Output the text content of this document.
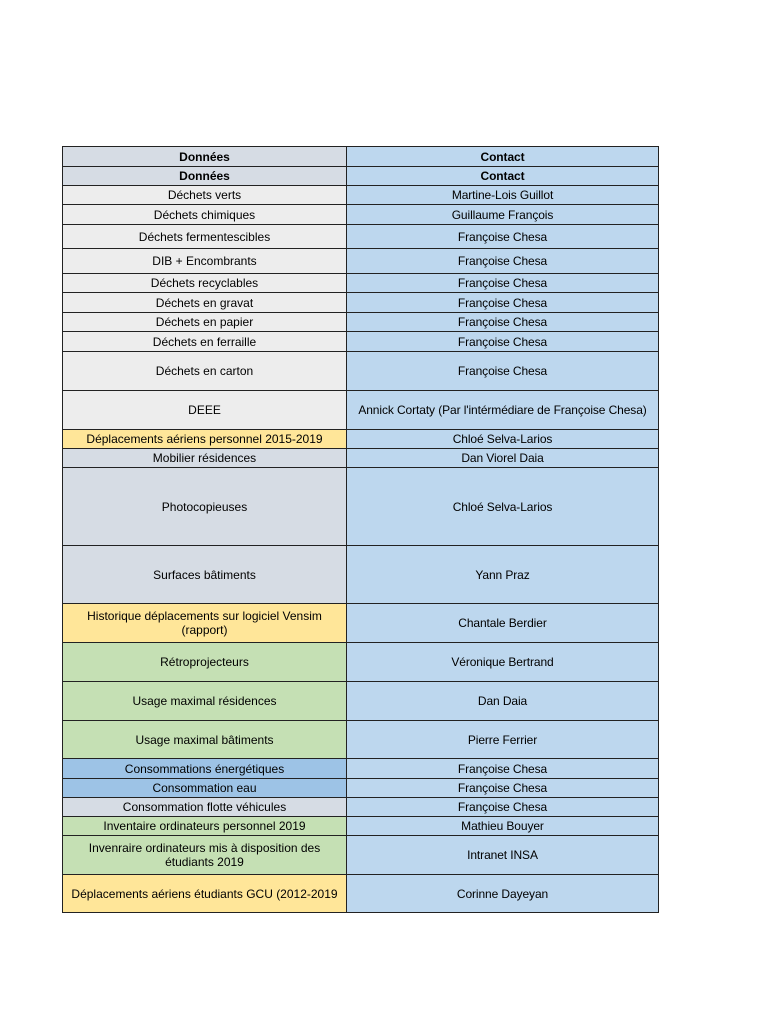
Données	Contact
Données	Contact
Déchets verts	Martine-Lois Guillot
Déchets chimiques	Guillaume François
Déchets fermentescibles	Françoise Chesa
DIB + Encombrants	Françoise Chesa
Déchets recyclables	Françoise Chesa
Déchets en gravat	Françoise Chesa
Déchets en papier	Françoise Chesa
Déchets en ferraille	Françoise Chesa
Déchets en carton	Françoise Chesa
DEEE	Annick Cortaty (Par l'intérmédiare de Françoise Chesa)
Déplacements aériens personnel 2015-2019	Chloé Selva-Larios
Mobilier résidences	Dan Viorel Daia
Photocopieuses	Chloé Selva-Larios
Surfaces bâtiments	Yann Praz
Historique déplacements sur logiciel Vensim (rapport)	Chantale Berdier
Rétroprojecteurs	Véronique Bertrand
Usage maximal résidences	Dan Daia
Usage maximal bâtiments	Pierre Ferrier
Consommations énergétiques	Françoise Chesa
Consommation eau	Françoise Chesa
Consommation flotte véhicules	Françoise Chesa
Inventaire ordinateurs personnel 2019	Mathieu Bouyer
Invenraire ordinateurs mis à disposition des étudiants 2019	Intranet INSA
Déplacements aériens étudiants GCU (2012-2019	Corinne Dayeyan
